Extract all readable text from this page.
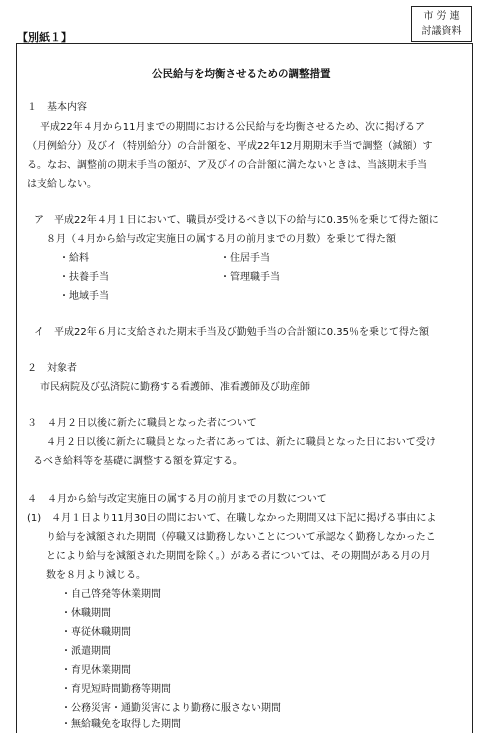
【別紙１】
市 労 連
討議資料
公民給与を均衡させるための調整措置
１　基本内容
平成22年４月から11月までの期間における公民給与を均衡させるため、次に掲げるア
（月例給分）及びイ（特別給分）の合計額を、平成22年12月期期末手当で調整（減額）す
る。なお、調整前の期末手当の額が、ア及びイの合計額に満たないときは、当該期末手当
は支給しない。
ア　平成22年４月１日において、職員が受けるべき以下の給与に0.35％を乗じて得た額に
８月（４月から給与改定実施日の属する月の前月までの月数）を乗じて得た額
・給料	・住居手当
・扶養手当	・管理職手当
・地域手当
イ　平成22年６月に支給された期末手当及び勤勉手当の合計額に0.35％を乗じて得た額
２　対象者
市民病院及び弘済院に勤務する看護師、准看護師及び助産師
３　４月２日以後に新たに職員となった者について
４月２日以後に新たに職員となった者にあっては、新たに職員となった日において受け
るべき給料等を基礎に調整する額を算定する。
４　４月から給与改定実施日の属する月の前月までの月数について
(1)　４月１日より11月30日の間において、在職しなかった期間又は下記に掲げる事由によ
り給与を減額された期間（停職又は勤務しないことについて承認なく勤務しなかったこ
とにより給与を減額された期間を除く。）がある者については、その期間がある月の月
数を８月より減じる。
・自己啓発等休業期間
・休職期間
・専従休職期間
・派遣期間
・育児休業期間
・育児短時間勤務等期間
・公務災害・通勤災害により勤務に服さない期間
・無給職免を取得した期間
